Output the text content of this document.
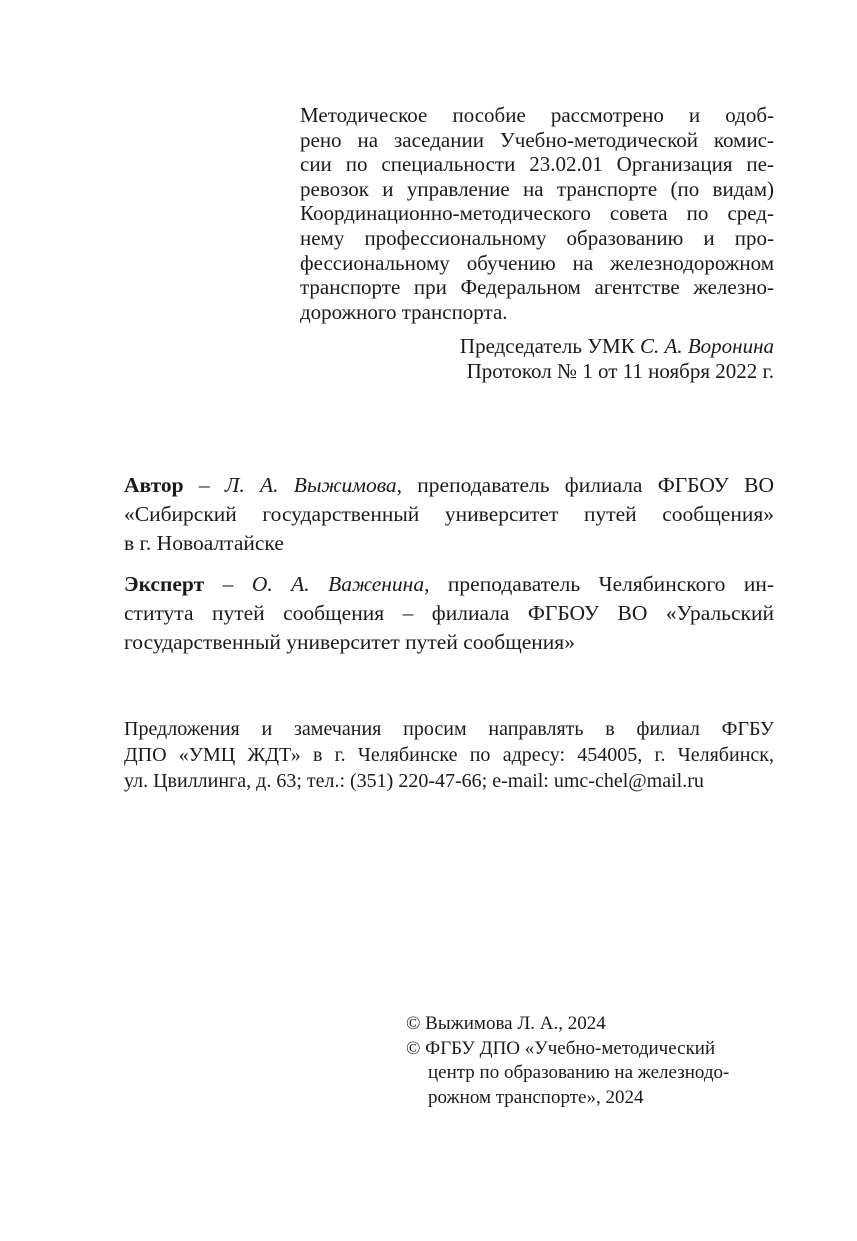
Методическое пособие рассмотрено и одоб-
рено на заседании Учебно-методической комис-
сии по специальности 23.02.01 Организация пе-
ревозок и управление на транспорте (по видам)
Координационно-методического совета по сред-
нему профессиональному образованию и про-
фессиональному обучению на железнодорожном
транспорте при Федеральном агентстве железно-
дорожного транспорта.
Председатель УМК С. А. Воронина
Протокол № 1 от 11 ноября 2022 г.
Автор – Л. А. Выжимова, преподаватель филиала ФГБОУ ВО
«Сибирский государственный университет путей сообщения»
в г. Новоалтайске
Эксперт – О. А. Важенина, преподаватель Челябинского ин-
ститута путей сообщения – филиала ФГБОУ ВО «Уральский
государственный университет путей сообщения»
Предложения и замечания просим направлять в филиал ФГБУ
ДПО «УМЦ ЖДТ» в г. Челябинске по адресу: 454005, г. Челябинск,
ул. Цвиллинга, д. 63; тел.: (351) 220-47-66; e-mail: umc-chel@mail.ru
© Выжимова Л. А., 2024
© ФГБУ ДПО «Учебно-методический
центр по образованию на железнодо-
рожном транспорте», 2024
